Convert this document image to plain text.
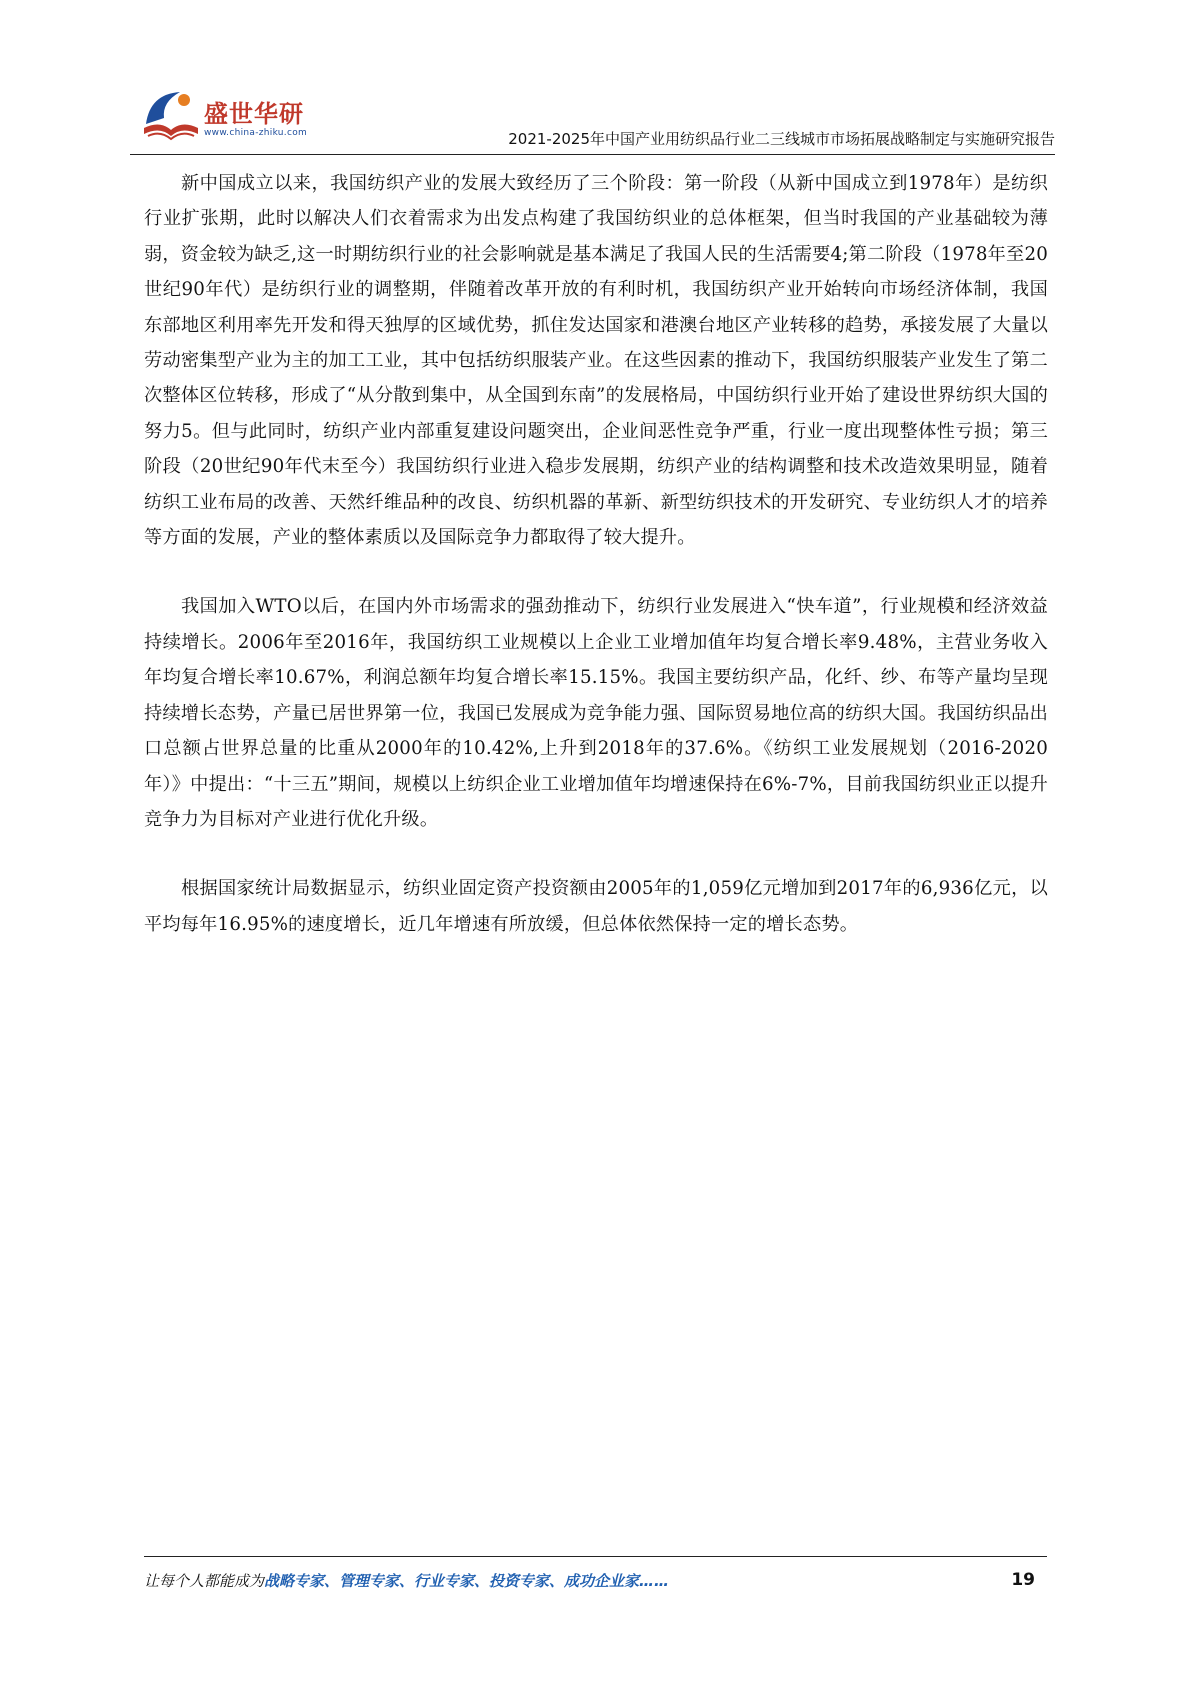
盛世华研
www.china-zhiku.com	2021-2025年中国产业用纺织品行业二三线城市市场拓展战略制定与实施研究报告

新中国成立以来，我国纺织产业的发展大致经历了三个阶段：第一阶段（从新中国成立到1978年）是纺织行业扩张期，此时以解决人们衣着需求为出发点构建了我国纺织业的总体框架，但当时我国的产业基础较为薄弱，资金较为缺乏,这一时期纺织行业的社会影响就是基本满足了我国人民的生活需要4;第二阶段（1978年至20世纪90年代）是纺织行业的调整期，伴随着改革开放的有利时机，我国纺织产业开始转向市场经济体制，我国东部地区利用率先开发和得天独厚的区域优势，抓住发达国家和港澳台地区产业转移的趋势，承接发展了大量以劳动密集型产业为主的加工工业，其中包括纺织服装产业。在这些因素的推动下，我国纺织服装产业发生了第二次整体区位转移，形成了“从分散到集中，从全国到东南”的发展格局，中国纺织行业开始了建设世界纺织大国的努力5。但与此同时，纺织产业内部重复建设问题突出，企业间恶性竞争严重，行业一度出现整体性亏损；第三阶段（20世纪90年代末至今）我国纺织行业进入稳步发展期，纺织产业的结构调整和技术改造效果明显，随着纺织工业布局的改善、天然纤维品种的改良、纺织机器的革新、新型纺织技术的开发研究、专业纺织人才的培养等方面的发展，产业的整体素质以及国际竞争力都取得了较大提升。

我国加入WTO以后，在国内外市场需求的强劲推动下，纺织行业发展进入“快车道”，行业规模和经济效益持续增长。2006年至2016年，我国纺织工业规模以上企业工业增加值年均复合增长率9.48%，主营业务收入年均复合增长率10.67%，利润总额年均复合增长率15.15%。我国主要纺织产品，化纤、纱、布等产量均呈现持续增长态势，产量已居世界第一位，我国已发展成为竞争能力强、国际贸易地位高的纺织大国。我国纺织品出口总额占世界总量的比重从2000年的10.42%,上升到2018年的37.6%。《纺织工业发展规划（2016-2020年）》中提出：“十三五”期间，规模以上纺织企业工业增加值年均增速保持在6%-7%，目前我国纺织业正以提升竞争力为目标对产业进行优化升级。

根据国家统计局数据显示，纺织业固定资产投资额由2005年的1,059亿元增加到2017年的6,936亿元，以平均每年16.95%的速度增长，近几年增速有所放缓，但总体依然保持一定的增长态势。

让每个人都能成为战略专家、管理专家、行业专家、投资专家、成功企业家……	19
